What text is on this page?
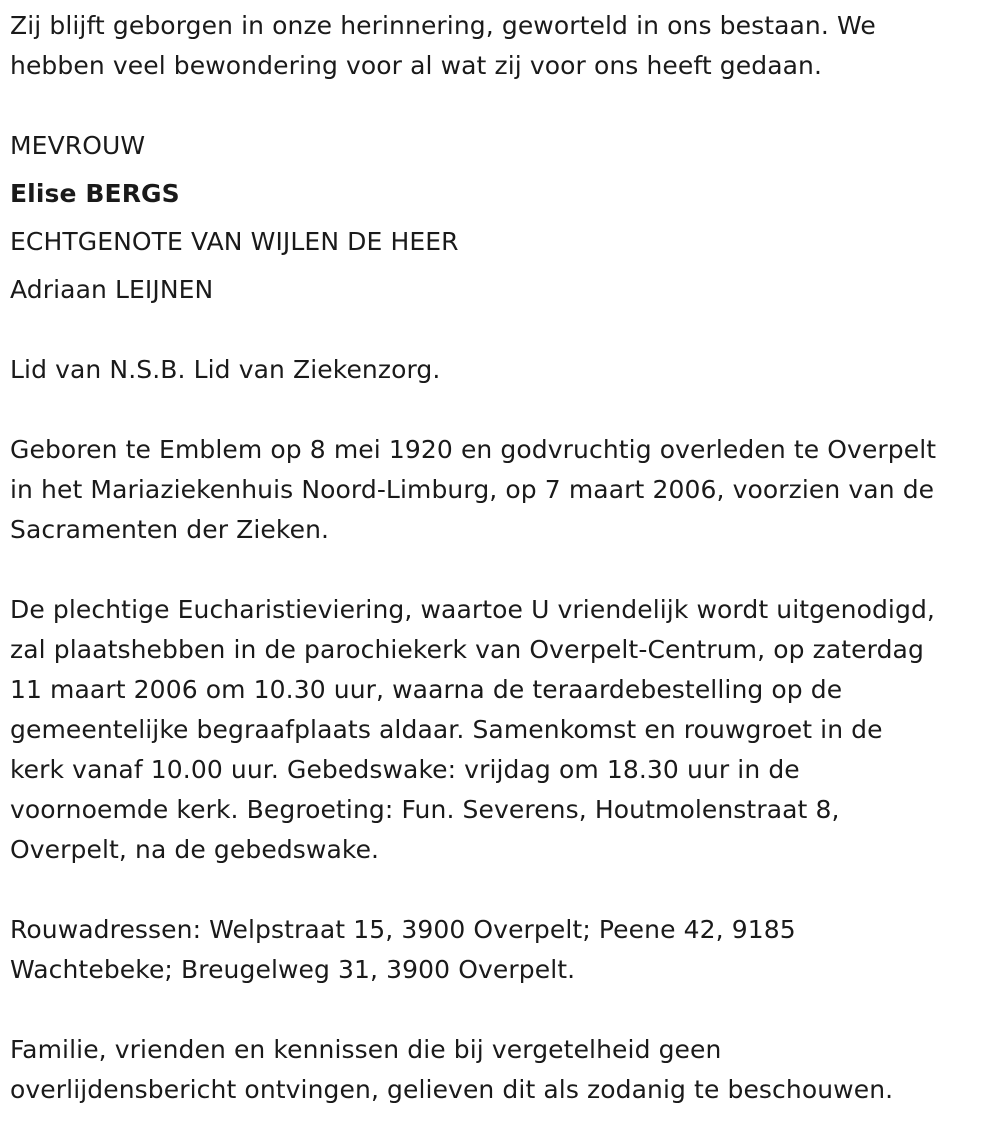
Zij blijft geborgen in onze herinnering, geworteld in ons bestaan. We

hebben veel bewondering voor al wat zij voor ons heeft gedaan.

MEVROUW

Elise BERGS

ECHTGENOTE VAN WIJLEN DE HEER

Adriaan LEIJNEN

Lid van N.S.B. Lid van Ziekenzorg.

Geboren te Emblem op 8 mei 1920 en godvruchtig overleden te Overpelt

in het Mariaziekenhuis Noord-Limburg, op 7 maart 2006, voorzien van de

Sacramenten der Zieken.

De plechtige Eucharistieviering, waartoe U vriendelijk wordt uitgenodigd,

zal plaatshebben in de parochiekerk van Overpelt-Centrum, op zaterdag

11 maart 2006 om 10.30 uur, waarna de teraardebestelling op de

gemeentelijke begraafplaats aldaar. Samenkomst en rouwgroet in de

kerk vanaf 10.00 uur. Gebedswake: vrijdag om 18.30 uur in de

voornoemde kerk. Begroeting: Fun. Severens, Houtmolenstraat 8,

Overpelt, na de gebedswake.

Rouwadressen: Welpstraat 15, 3900 Overpelt; Peene 42, 9185

Wachtebeke; Breugelweg 31, 3900 Overpelt.

Familie, vrienden en kennissen die bij vergetelheid geen

overlijdensbericht ontvingen, gelieven dit als zodanig te beschouwen.
